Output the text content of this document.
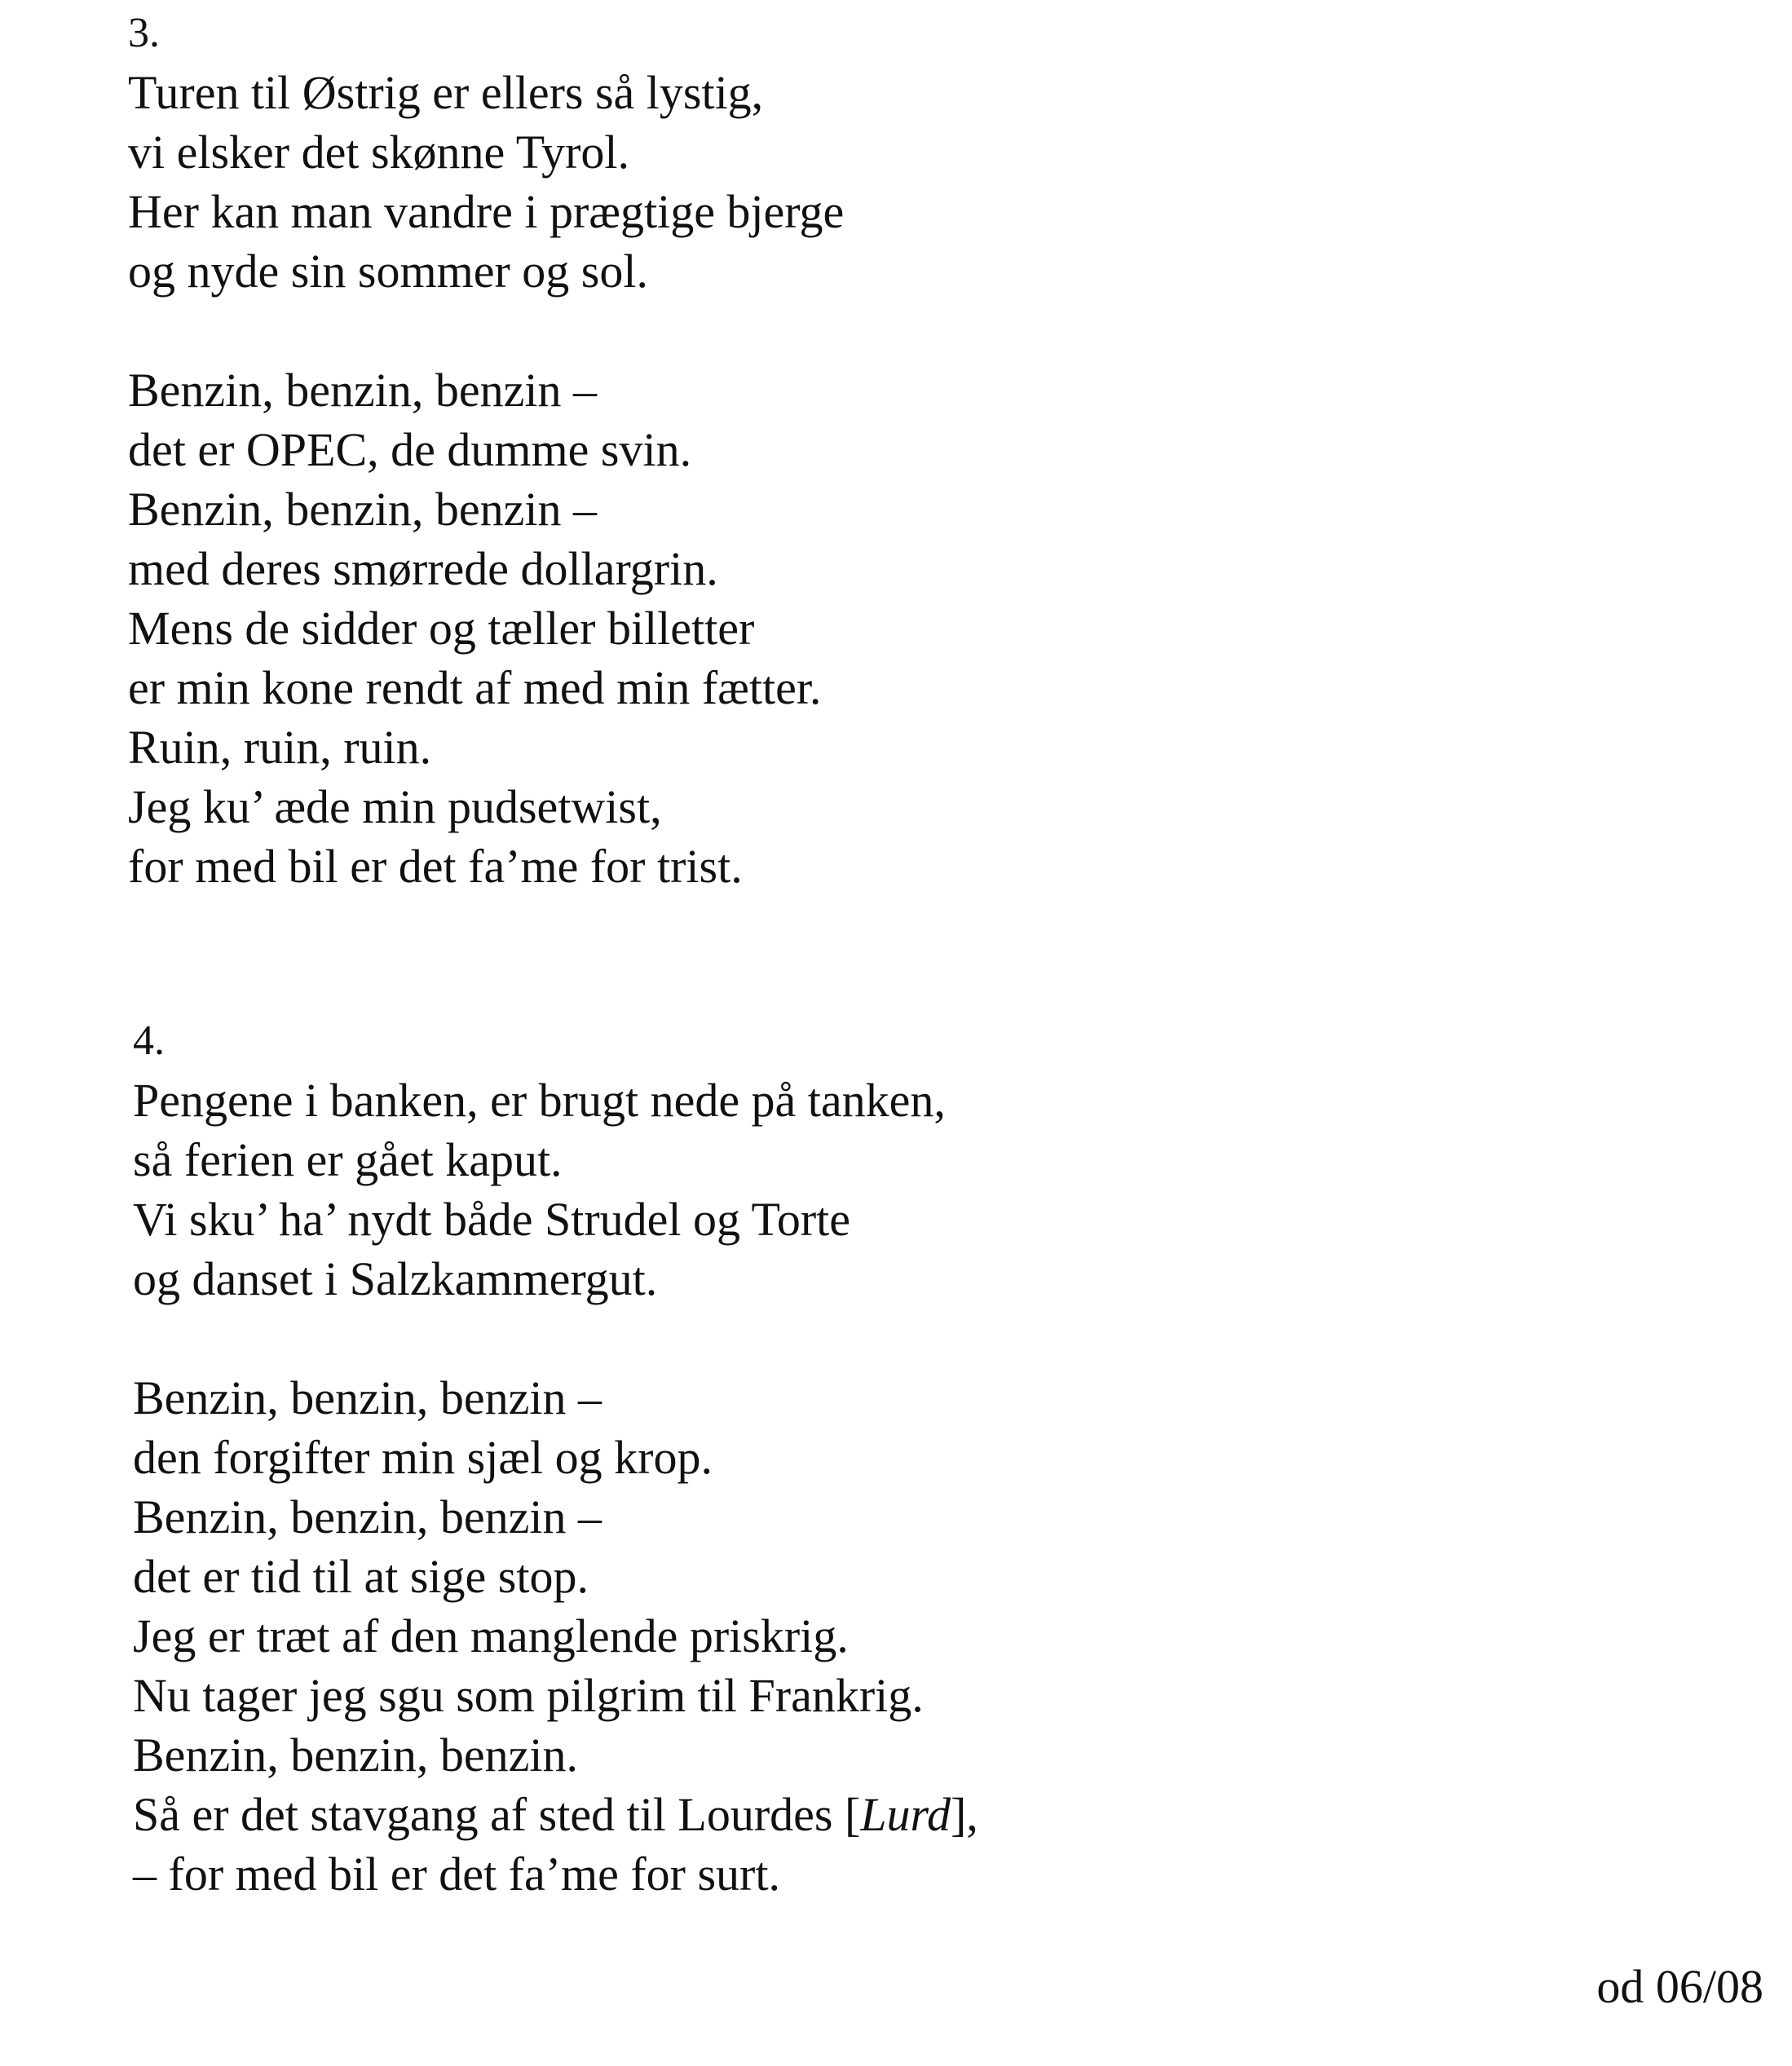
3.
Turen til Østrig er ellers så lystig,
vi elsker det skønne Tyrol.
Her kan man vandre i prægtige bjerge
og nyde sin sommer og sol.
Benzin, benzin, benzin –
det er OPEC, de dumme svin.
Benzin, benzin, benzin –
med deres smørrede dollargrin.
Mens de sidder og tæller billetter
er min kone rendt af med min fætter.
Ruin, ruin, ruin.
Jeg ku’ æde min pudsetwist,
for med bil er det fa’me for trist.
4.
Pengene i banken, er brugt nede på tanken,
så ferien er gået kaput.
Vi sku’ ha’ nydt både Strudel og Torte
og danset i Salzkammergut.
Benzin, benzin, benzin –
den forgifter min sjæl og krop.
Benzin, benzin, benzin –
det er tid til at sige stop.
Jeg er træt af den manglende priskrig.
Nu tager jeg sgu som pilgrim til Frankrig.
Benzin, benzin, benzin.
Så er det stavgang af sted til Lourdes [Lurd],
– for med bil er det fa’me for surt.
od 06/08
